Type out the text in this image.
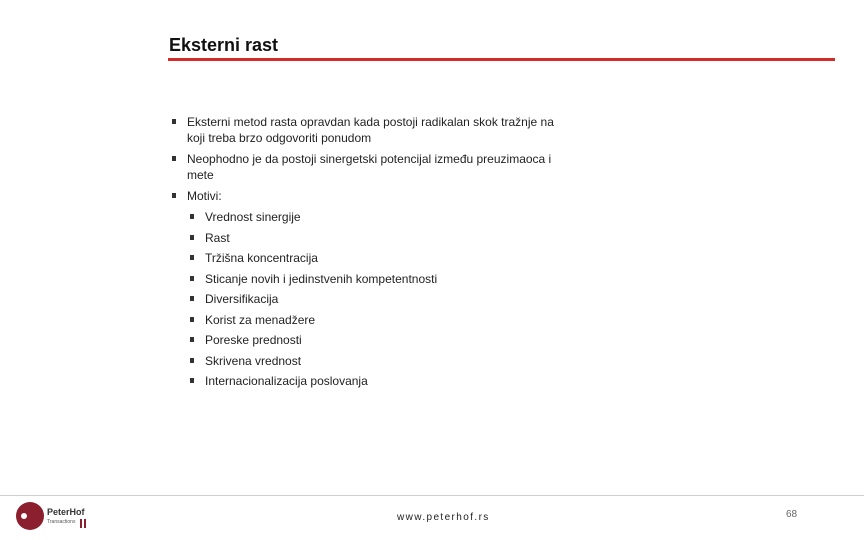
Eksterni rast
Eksterni metod rasta opravdan kada postoji radikalan skok tražnje na koji treba brzo odgovoriti ponudom
Neophodno je da postoji sinergetski potencijal između preuzimaoca i mete
Motivi:
Vrednost sinergije
Rast
Tržišna koncentracija
Sticanje novih i jedinstvenih kompetentnosti
Diversifikacija
Korist za menadžere
Poreske prednosti
Skrivena vrednost
Internacionalizacija poslovanja
PeterHof
Transactions	www.peterhof.rs	68
